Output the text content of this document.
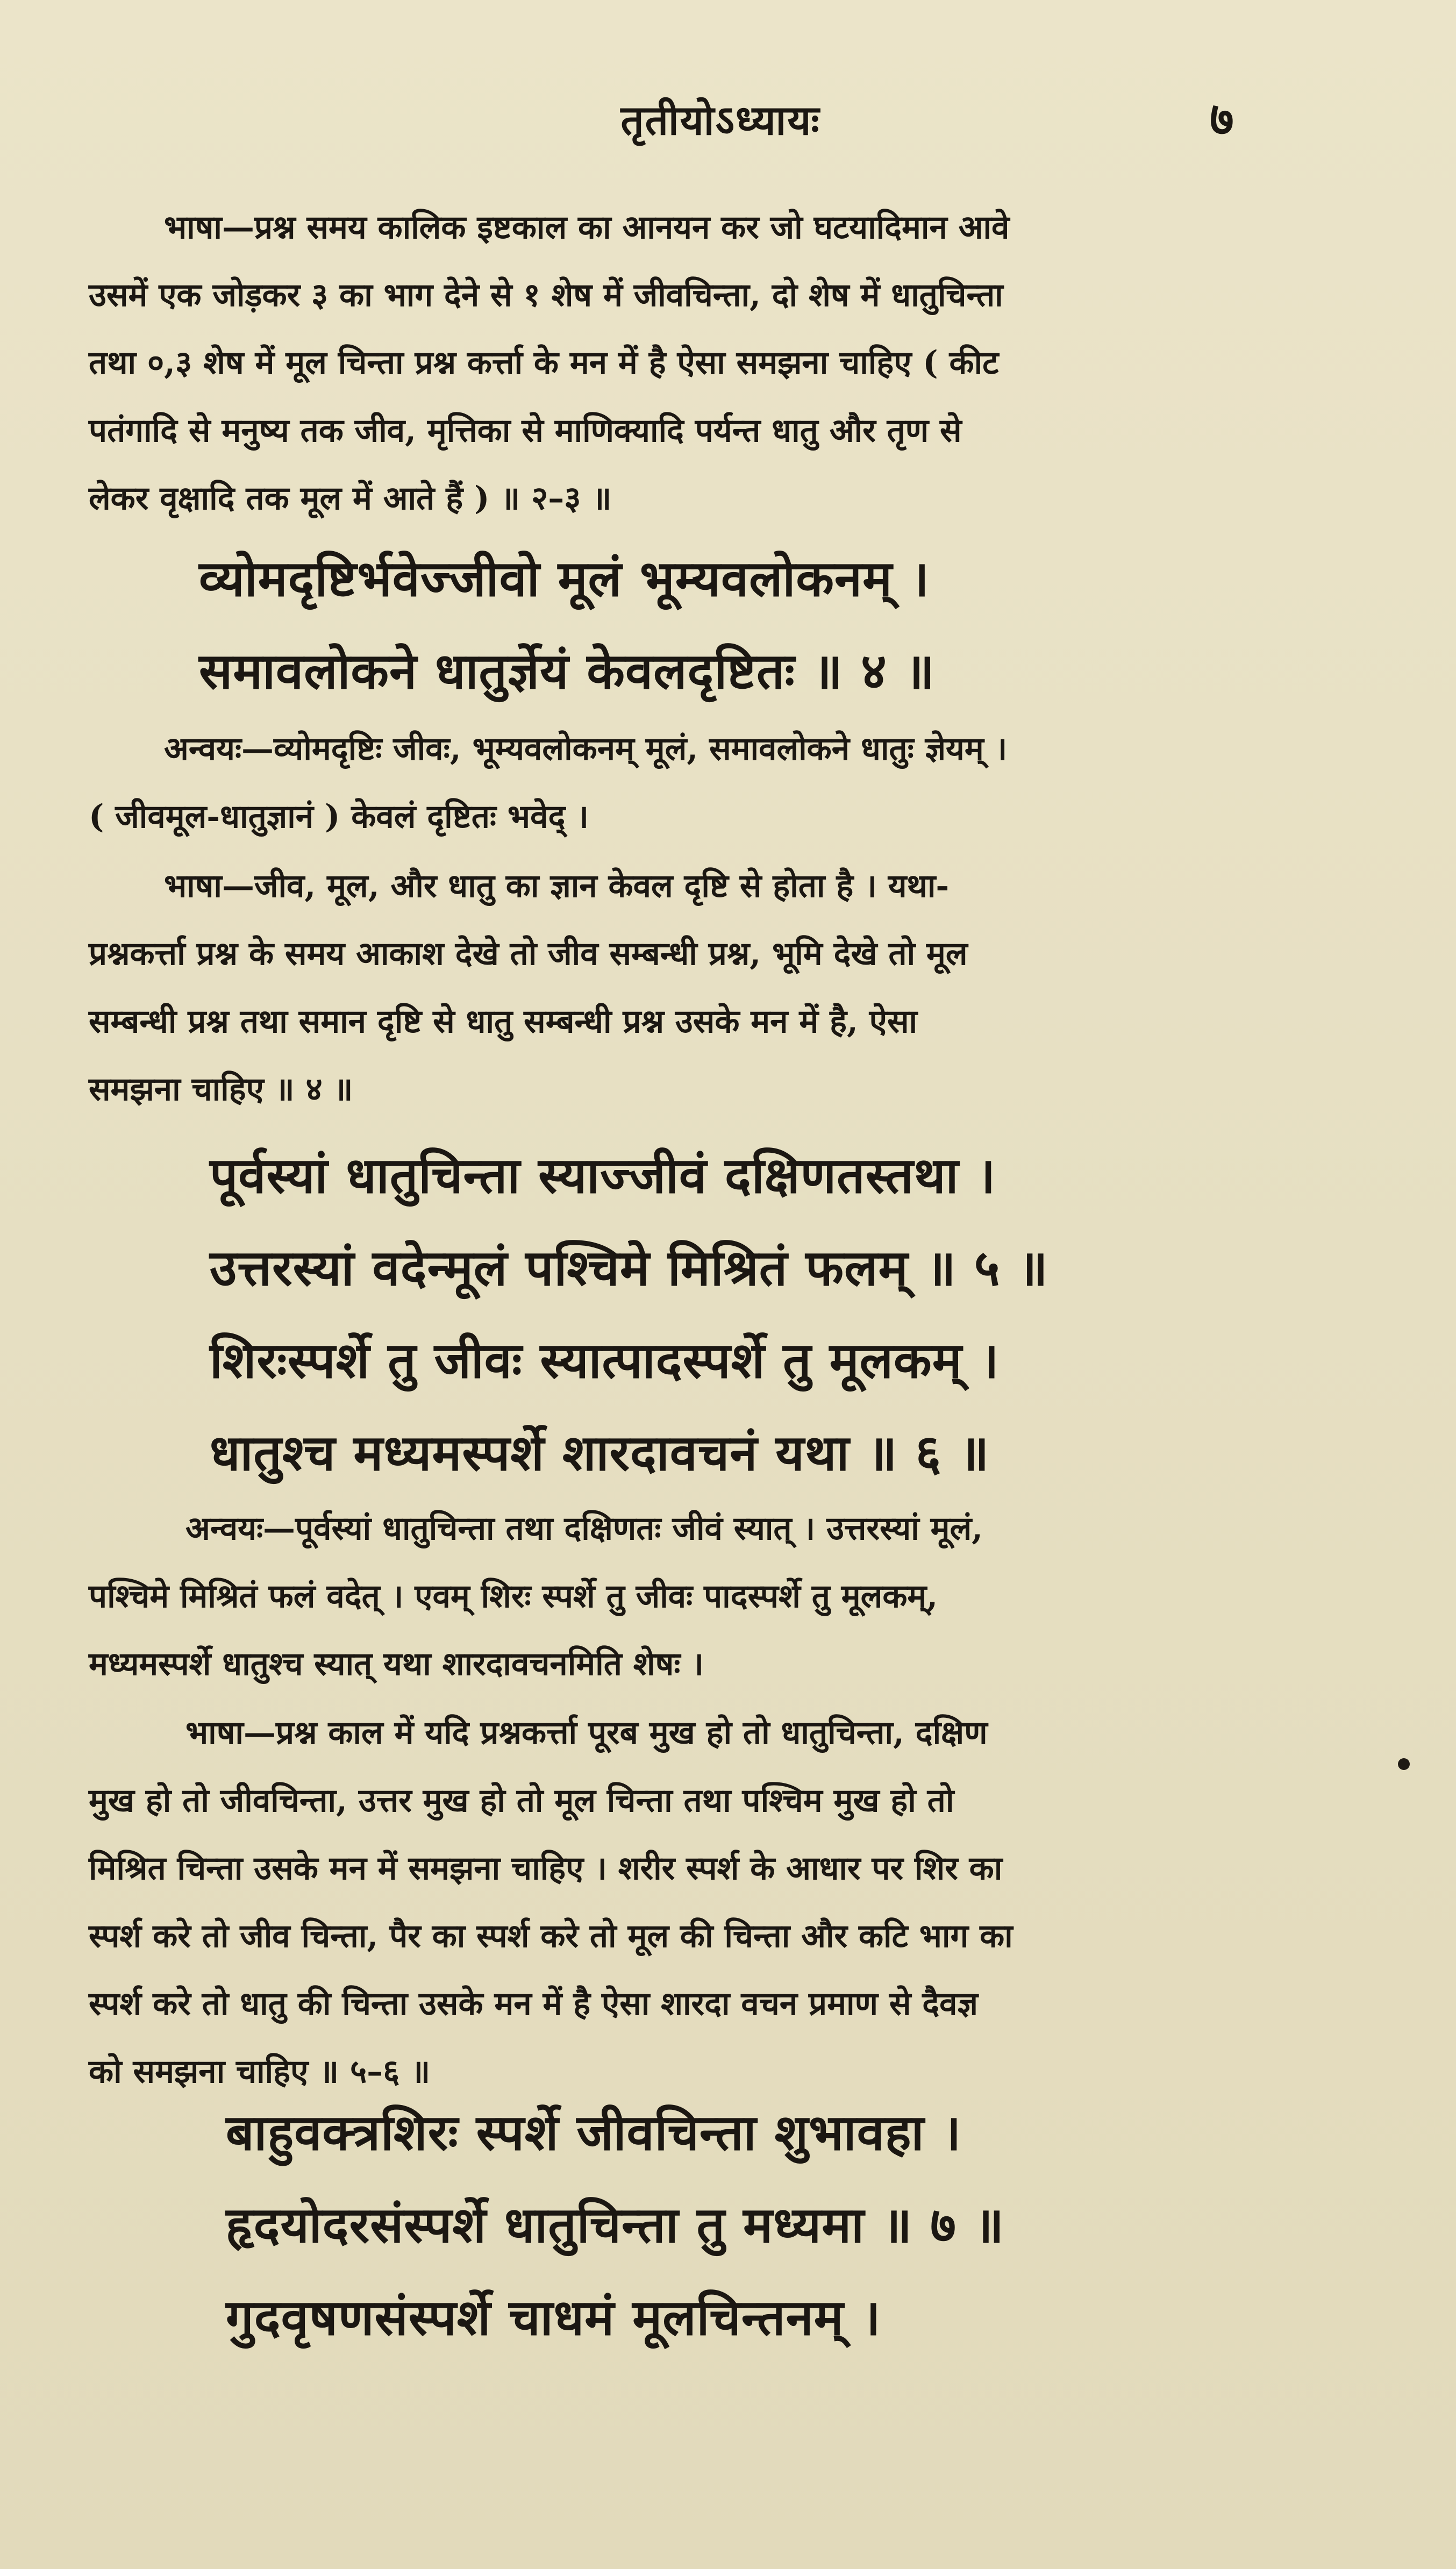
तृतीयोऽध्यायः	७
भाषा—प्रश्न समय कालिक इष्टकाल का आनयन कर जो घटयादिमान आवे
उसमें एक जोड़कर ३ का भाग देने से १ शेष में जीवचिन्ता, दो शेष में धातुचिन्ता
तथा ०,३ शेष में मूल चिन्ता प्रश्न कर्त्ता के मन में है ऐसा समझना चाहिए ( कीट
पतंगादि से मनुष्य तक जीव, मृत्तिका से माणिक्यादि पर्यन्त धातु और तृण से
लेकर वृक्षादि तक मूल में आते हैं ) ॥ २–३ ॥
व्योमदृष्टिर्भवेज्जीवो मूलं भूम्यवलोकनम् ।
समावलोकने धातुर्ज्ञेयं केवलदृष्टितः ॥ ४ ॥
अन्वयः—व्योमदृष्टिः जीवः, भूम्यवलोकनम् मूलं, समावलोकने धातुः ज्ञेयम् ।
( जीवमूल-धातुज्ञानं ) केवलं दृष्टितः भवेद् ।
भाषा—जीव, मूल, और धातु का ज्ञान केवल दृष्टि से होता है । यथा-
प्रश्नकर्त्ता प्रश्न के समय आकाश देखे तो जीव सम्बन्धी प्रश्न, भूमि देखे तो मूल
सम्बन्धी प्रश्न तथा समान दृष्टि से धातु सम्बन्धी प्रश्न उसके मन में है, ऐसा
समझना चाहिए ॥ ४ ॥
पूर्वस्यां धातुचिन्ता स्याज्जीवं दक्षिणतस्तथा ।
उत्तरस्यां वदेन्मूलं पश्चिमे मिश्रितं फलम् ॥ ५ ॥
शिरःस्पर्शे तु जीवः स्यात्पादस्पर्शे तु मूलकम् ।
धातुश्च मध्यमस्पर्शे शारदावचनं यथा ॥ ६ ॥
अन्वयः—पूर्वस्यां धातुचिन्ता तथा दक्षिणतः जीवं स्यात् । उत्तरस्यां मूलं,
पश्चिमे मिश्रितं फलं वदेत् । एवम् शिरः स्पर्शे तु जीवः पादस्पर्शे तु मूलकम्,
मध्यमस्पर्शे धातुश्च स्यात् यथा शारदावचनमिति शेषः ।
भाषा—प्रश्न काल में यदि प्रश्नकर्त्ता पूरब मुख हो तो धातुचिन्ता, दक्षिण
मुख हो तो जीवचिन्ता, उत्तर मुख हो तो मूल चिन्ता तथा पश्चिम मुख हो तो
मिश्रित चिन्ता उसके मन में समझना चाहिए । शरीर स्पर्श के आधार पर शिर का
स्पर्श करे तो जीव चिन्ता, पैर का स्पर्श करे तो मूल की चिन्ता और कटि भाग का
स्पर्श करे तो धातु की चिन्ता उसके मन में है ऐसा शारदा वचन प्रमाण से दैवज्ञ
को समझना चाहिए ॥ ५–६ ॥
बाहुवक्त्रशिरः स्पर्शे जीवचिन्ता शुभावहा ।
हृदयोदरसंस्पर्शे धातुचिन्ता तु मध्यमा ॥ ७ ॥
गुदवृषणसंस्पर्शे चाधमं मूलचिन्तनम् ।
